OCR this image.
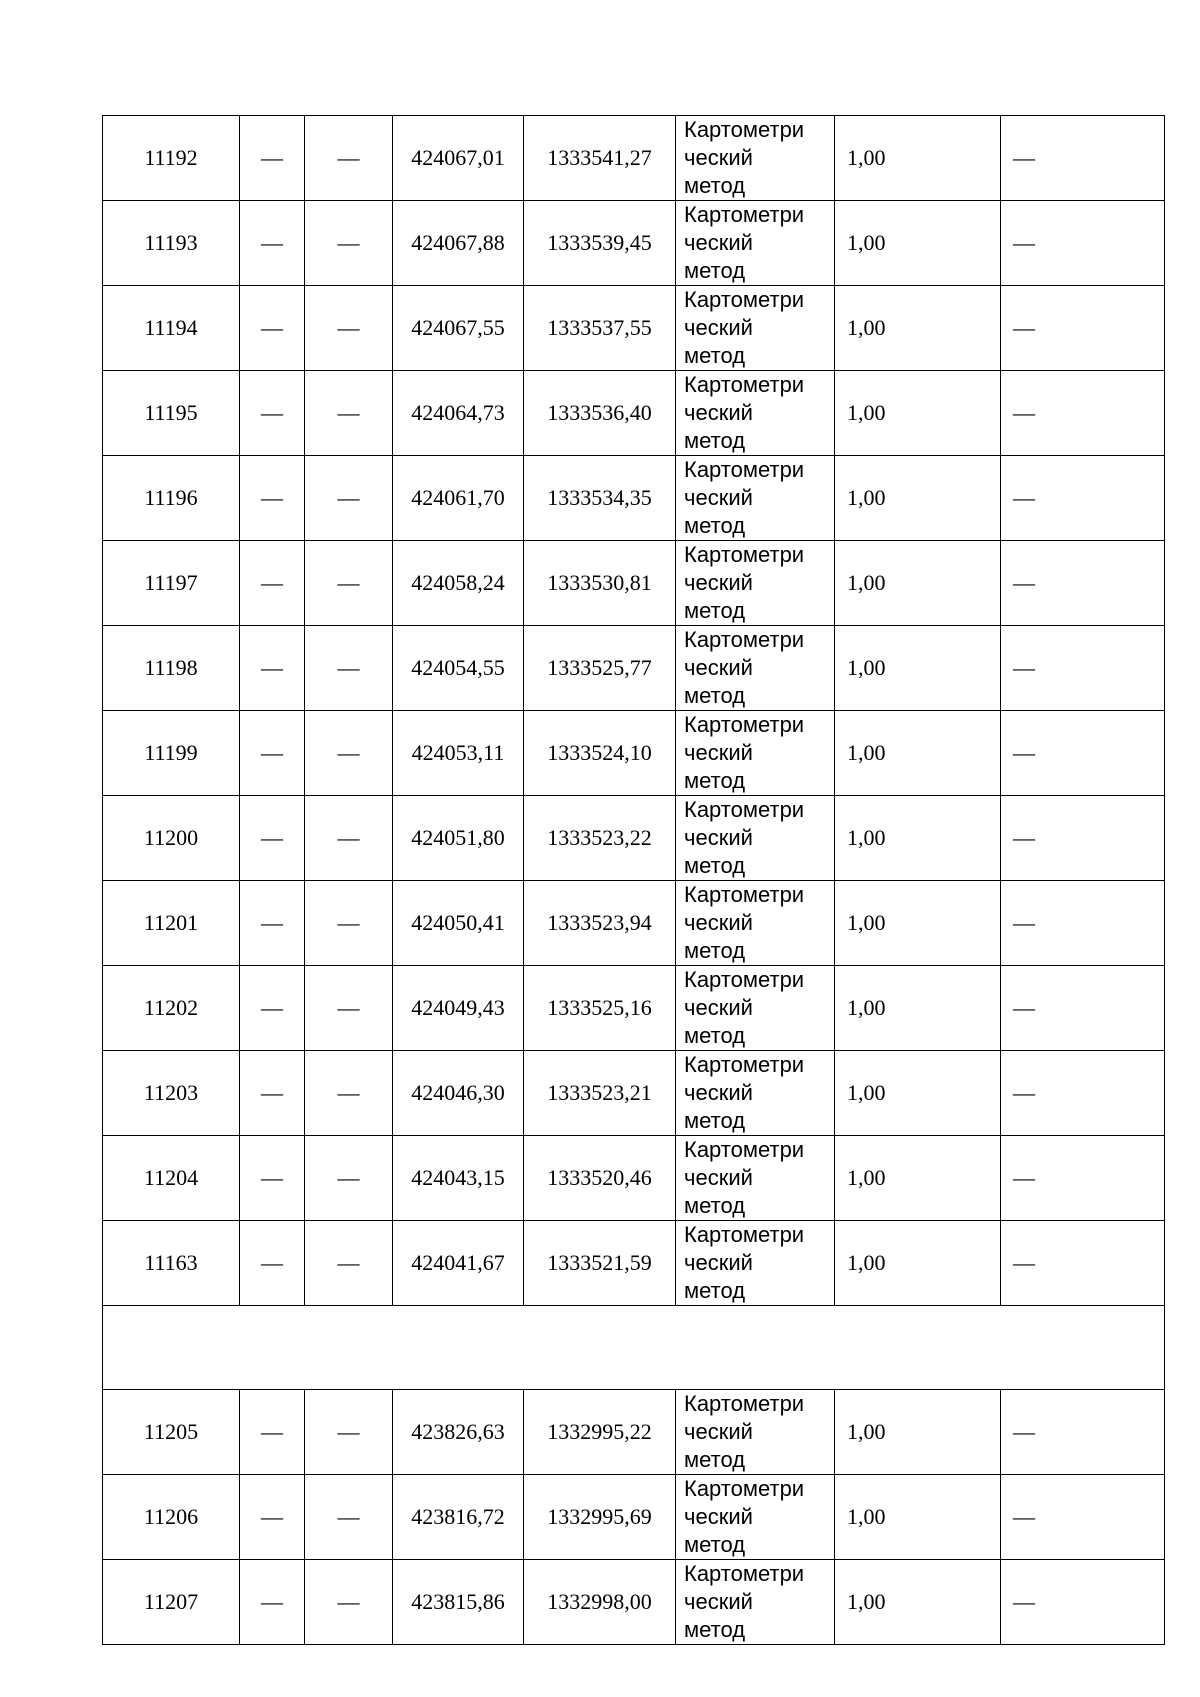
11192	—	—	424067,01	1333541,27	Картометри
ческий
метод	1,00	—
11193	—	—	424067,88	1333539,45	Картометри
ческий
метод	1,00	—
11194	—	—	424067,55	1333537,55	Картометри
ческий
метод	1,00	—
11195	—	—	424064,73	1333536,40	Картометри
ческий
метод	1,00	—
11196	—	—	424061,70	1333534,35	Картометри
ческий
метод	1,00	—
11197	—	—	424058,24	1333530,81	Картометри
ческий
метод	1,00	—
11198	—	—	424054,55	1333525,77	Картометри
ческий
метод	1,00	—
11199	—	—	424053,11	1333524,10	Картометри
ческий
метод	1,00	—
11200	—	—	424051,80	1333523,22	Картометри
ческий
метод	1,00	—
11201	—	—	424050,41	1333523,94	Картометри
ческий
метод	1,00	—
11202	—	—	424049,43	1333525,16	Картометри
ческий
метод	1,00	—
11203	—	—	424046,30	1333523,21	Картометри
ческий
метод	1,00	—
11204	—	—	424043,15	1333520,46	Картометри
ческий
метод	1,00	—
11163	—	—	424041,67	1333521,59	Картометри
ческий
метод	1,00	—

11205	—	—	423826,63	1332995,22	Картометри
ческий
метод	1,00	—
11206	—	—	423816,72	1332995,69	Картометри
ческий
метод	1,00	—
11207	—	—	423815,86	1332998,00	Картометри
ческий
метод	1,00	—
